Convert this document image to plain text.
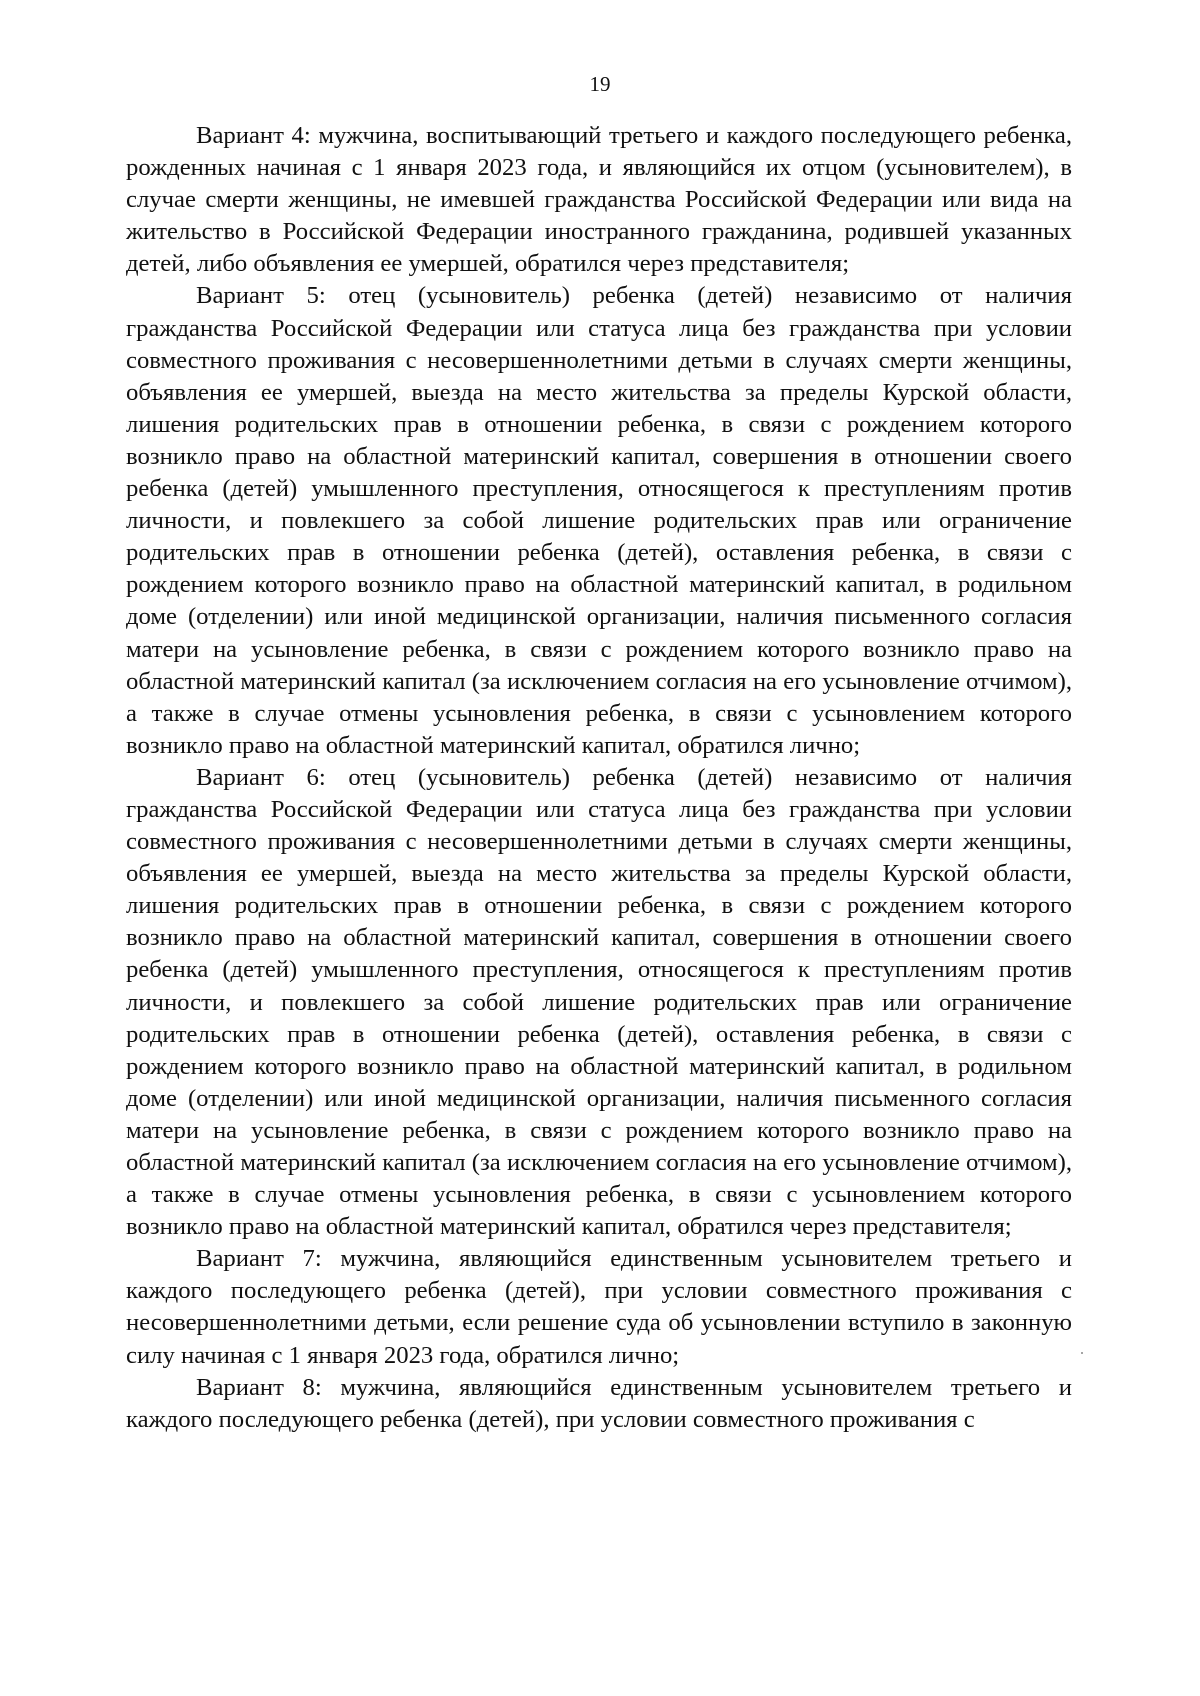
19

Вариант 4: мужчина, воспитывающий третьего и каждого последующего ребенка, рожденных начиная с 1 января 2023 года, и являющийся их отцом (усыновителем), в случае смерти женщины, не имевшей гражданства Российской Федерации или вида на жительство в Российской Федерации иностранного гражданина, родившей указанных детей, либо объявления ее умершей, обратился через представителя;

Вариант 5: отец (усыновитель) ребенка (детей) независимо от наличия гражданства Российской Федерации или статуса лица без гражданства при условии совместного проживания с несовершеннолетними детьми в случаях смерти женщины, объявления ее умершей, выезда на место жительства за пределы Курской области, лишения родительских прав в отношении ребенка, в связи с рождением которого возникло право на областной материнский капитал, совершения в отношении своего ребенка (детей) умышленного преступления, относящегося к преступлениям против личности, и повлекшего за собой лишение родительских прав или ограничение родительских прав в отношении ребенка (детей), оставления ребенка, в связи с рождением которого возникло право на областной материнский капитал, в родильном доме (отделении) или иной медицинской организации, наличия письменного согласия матери на усыновление ребенка, в связи с рождением которого возникло право на областной материнский капитал (за исключением согласия на его усыновление отчимом), а также в случае отмены усыновления ребенка, в связи с усыновлением которого возникло право на областной материнский капитал, обратился лично;

Вариант 6: отец (усыновитель) ребенка (детей) независимо от наличия гражданства Российской Федерации или статуса лица без гражданства при условии совместного проживания с несовершеннолетними детьми в случаях смерти женщины, объявления ее умершей, выезда на место жительства за пределы Курской области, лишения родительских прав в отношении ребенка, в связи с рождением которого возникло право на областной материнский капитал, совершения в отношении своего ребенка (детей) умышленного преступления, относящегося к преступлениям против личности, и повлекшего за собой лишение родительских прав или ограничение родительских прав в отношении ребенка (детей), оставления ребенка, в связи с рождением которого возникло право на областной материнский капитал, в родильном доме (отделении) или иной медицинской организации, наличия письменного согласия матери на усыновление ребенка, в связи с рождением которого возникло право на областной материнский капитал (за исключением согласия на его усыновление отчимом), а также в случае отмены усыновления ребенка, в связи с усыновлением которого возникло право на областной материнский капитал, обратился через представителя;

Вариант 7: мужчина, являющийся единственным усыновителем третьего и каждого последующего ребенка (детей), при условии совместного проживания с несовершеннолетними детьми, если решение суда об усыновлении вступило в законную силу начиная с 1 января 2023 года, обратился лично;

Вариант 8: мужчина, являющийся единственным усыновителем третьего и каждого последующего ребенка (детей), при условии совместного проживания с
